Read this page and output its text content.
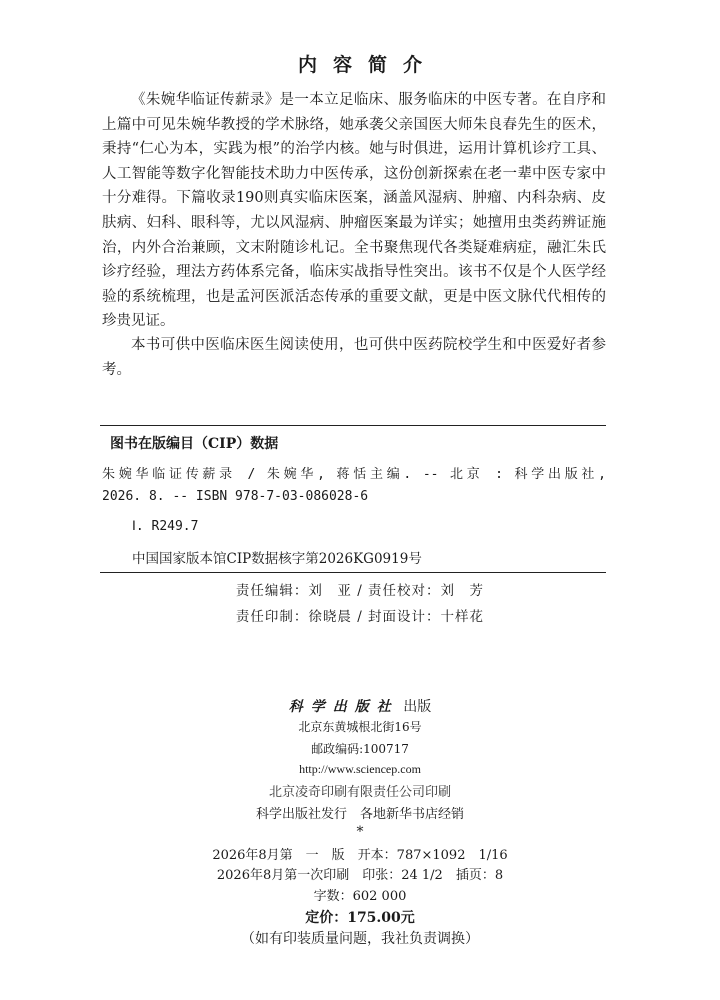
内容简介

《朱婉华临证传薪录》是一本立足临床、服务临床的中医专著。在自序和上篇中可见朱婉华教授的学术脉络，她承袭父亲国医大师朱良春先生的医术，秉持“仁心为本，实践为根”的治学内核。她与时俱进，运用计算机诊疗工具、人工智能等数字化智能技术助力中医传承，这份创新探索在老一辈中医专家中十分难得。下篇收录190则真实临床医案，涵盖风湿病、肿瘤、内科杂病、皮肤病、妇科、眼科等，尤以风湿病、肿瘤医案最为详实；她擅用虫类药辨证施治，内外合治兼顾，文末附随诊札记。全书聚焦现代各类疑难病症，融汇朱氏诊疗经验，理法方药体系完备，临床实战指导性突出。该书不仅是个人医学经验的系统梳理，也是孟河医派活态传承的重要文献，更是中医文脉代代相传的珍贵见证。

本书可供中医临床医生阅读使用，也可供中医药院校学生和中医爱好者参考。

图书在版编目（CIP）数据
朱婉华临证传薪录 / 朱婉华, 蒋恬主编. -- 北京 : 科学出版社,
2026. 8. -- ISBN 978-7-03-086028-6
Ⅰ. R249.7
中国国家版本馆CIP数据核字第2026KG0919号
责任编辑：刘　亚 / 责任校对：刘　芳
责任印制：徐晓晨 / 封面设计：十样花
科学出版社 出版
北京东黄城根北街16号
邮政编码:100717
http://www.sciencep.com
北京凌奇印刷有限责任公司印刷
科学出版社发行　各地新华书店经销
*
2026年8月第　一　版　开本：787×1092　1/16
2026年8月第一次印刷　印张：24 1/2　插页：8
字数：602 000
定价：175.00元
（如有印装质量问题，我社负责调换）
